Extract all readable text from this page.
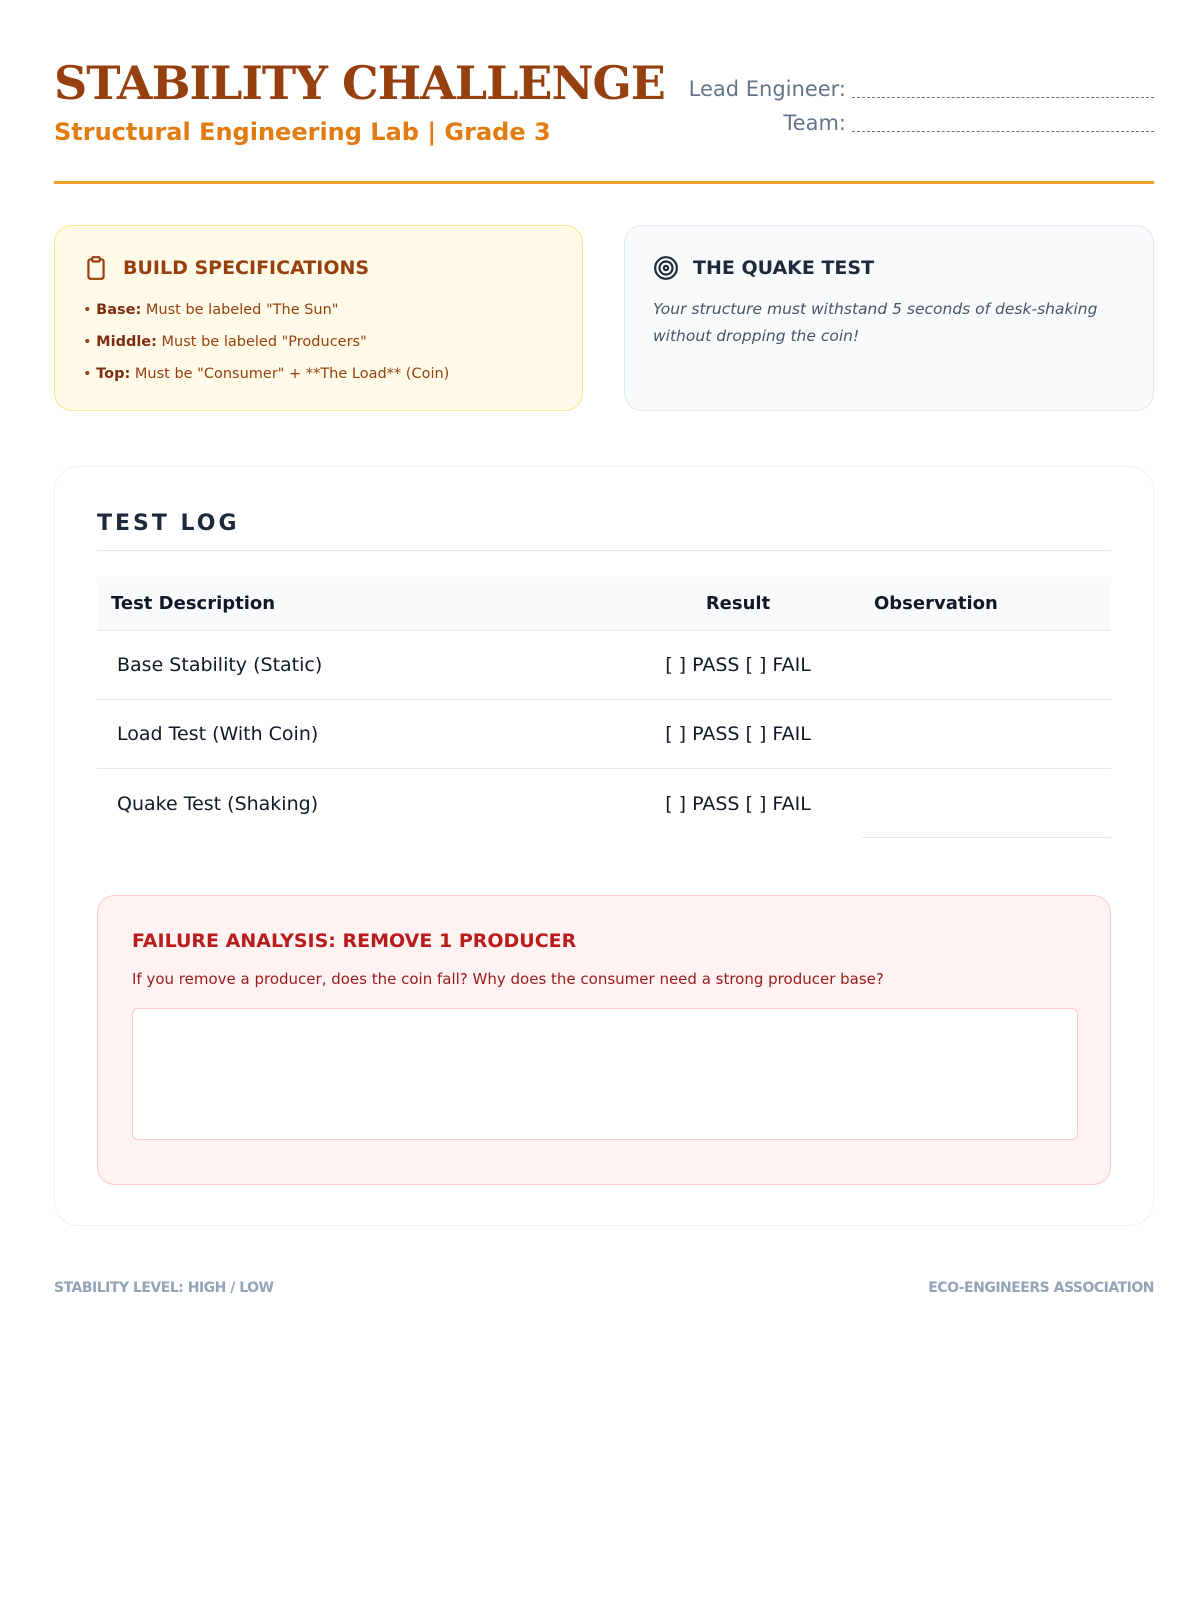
STABILITY CHALLENGE
Structural Engineering Lab | Grade 3
Lead Engineer:
Team:
BUILD SPECIFICATIONS
• Base: Must be labeled "The Sun"
• Middle: Must be labeled "Producers"
• Top: Must be "Consumer" + **The Load** (Coin)
THE QUAKE TEST

Your structure must withstand 5 seconds of desk-shaking without dropping the coin!

TEST LOG
Test Description	Result	Observation
Base Stability (Static)	[ ] PASS [ ] FAIL
Load Test (With Coin)	[ ] PASS [ ] FAIL
Quake Test (Shaking)	[ ] PASS [ ] FAIL
FAILURE ANALYSIS: REMOVE 1 PRODUCER
If you remove a producer, does the coin fall? Why does the consumer need a strong producer base?
STABILITY LEVEL: HIGH / LOW	ECO-ENGINEERS ASSOCIATION
